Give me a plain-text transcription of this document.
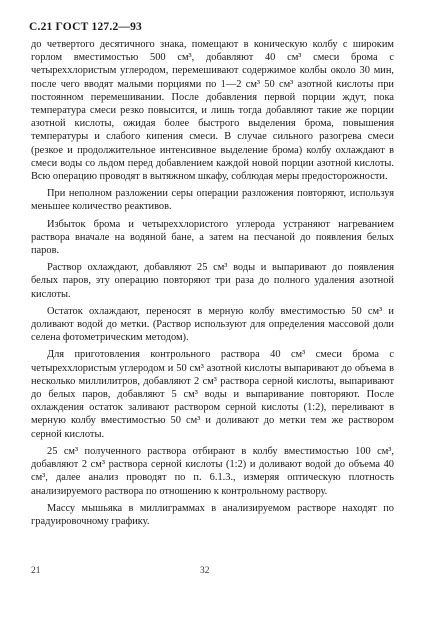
С.21 ГОСТ 127.2—93

до четвертого десятичного знака, помещают в коническую колбу с широким горлом вместимостью 500 см³, добавляют 40 см³ смеси брома с четыреххлористым углеродом, перемешивают содержимое колбы около 30 мин, после чего вводят малыми порциями по 1—2 см³ 50 см³ азотной кислоты при постоянном перемешивании. После добавления первой порции ждут, пока температура смеси резко повысится, и лишь тогда добавляют такие же порции азотной кислоты, ожидая более быстрого выделения брома, повышения температуры и слабого кипения смеси. В случае сильного разогрева смеси (резкое и продолжительное интенсивное выделение брома) колбу охлаждают в смеси воды со льдом перед добавлением каждой новой порции азотной кислоты. Всю операцию проводят в вытяжном шкафу, соблюдая меры предосторожности.

При неполном разложении серы операции разложения повторяют, используя меньшее количество реактивов.

Избыток брома и четыреххлористого углерода устраняют нагреванием раствора вначале на водяной бане, а затем на песчаной до появления белых паров.

Раствор охлаждают, добавляют 25 см³ воды и выпаривают до появления белых паров, эту операцию повторяют три раза до полного удаления азотной кислоты.

Остаток охлаждают, переносят в мерную колбу вместимостью 50 см³ и доливают водой до метки. (Раствор используют для определения массовой доли селена фотометрическим методом).

Для приготовления контрольного раствора 40 см³ смеси брома с четыреххлористым углеродом и 50 см³ азотной кислоты выпаривают до объема в несколько миллилитров, добавляют 2 см³ раствора серной кислоты, выпаривают до белых паров, добавляют 5 см³ воды и выпаривание повторяют. После охлаждения остаток заливают раствором серной кислоты (1:2), переливают в мерную колбу вместимостью 50 см³ и доливают до метки тем же раствором серной кислоты.

25 см³ полученного раствора отбирают в колбу вместимостью 100 см³, добавляют 2 см³ раствора серной кислоты (1:2) и доливают водой до объема 40 см³, далее анализ проводят по п. 6.1.3., измеряя оптическую плотность анализируемого раствора по отношению к контрольному раствору.

Массу мышьяка в миллиграммах в анализируемом растворе находят по градуировочному графику.

21	32
